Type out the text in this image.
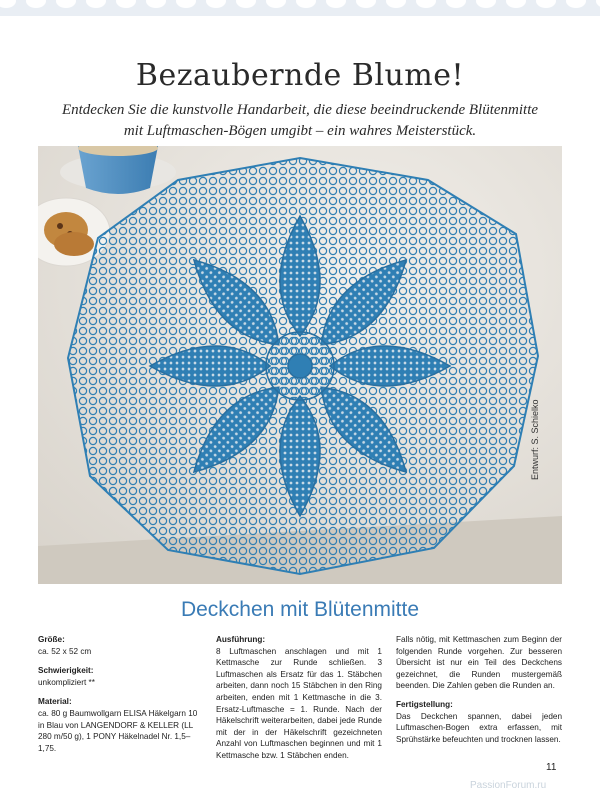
Bezaubernde Blume!
Entdecken Sie die kunstvolle Handarbeit, die diese beeindruckende Blütenmitte mit Luftmaschen-Bögen umgibt – ein wahres Meisterstück.
Entwurf: S. Schielko
Deckchen mit Blütenmitte
Größe:
ca. 52 x 52 cm
Schwierigkeit:
unkompliziert **
Material:
ca. 80 g Baumwollgarn ELISA Häkelgarn 10 in Blau von LANGENDORF & KELLER (LL 280 m/50 g), 1 PONY Häkelnadel Nr. 1,5–1,75.
Ausführung:
8 Luftmaschen anschlagen und mit 1 Kettmasche zur Runde schließen. 3 Luftmaschen als Ersatz für das 1. Stäbchen arbeiten, dann noch 15 Stäbchen in den Ring arbeiten, enden mit 1 Kettmasche in die 3. Ersatz-Luftmasche = 1. Runde. Nach der Häkelschrift weiterarbeiten, dabei jede Runde mit der in der Häkelschrift gezeichneten Anzahl von Luftmaschen beginnen und mit 1 Kettmasche bzw. 1 Stäbchen enden.
Falls nötig, mit Kettmaschen zum Beginn der folgenden Runde vorgehen. Zur besseren Übersicht ist nur ein Teil des Deckchens gezeichnet, die Runden mustergemäß beenden. Die Zahlen geben die Runden an.
Fertigstellung:
Das Deckchen spannen, dabei jeden Luftmaschen-Bogen extra erfassen, mit Sprühstärke befeuchten und trocknen lassen.
11
PassionForum.ru
